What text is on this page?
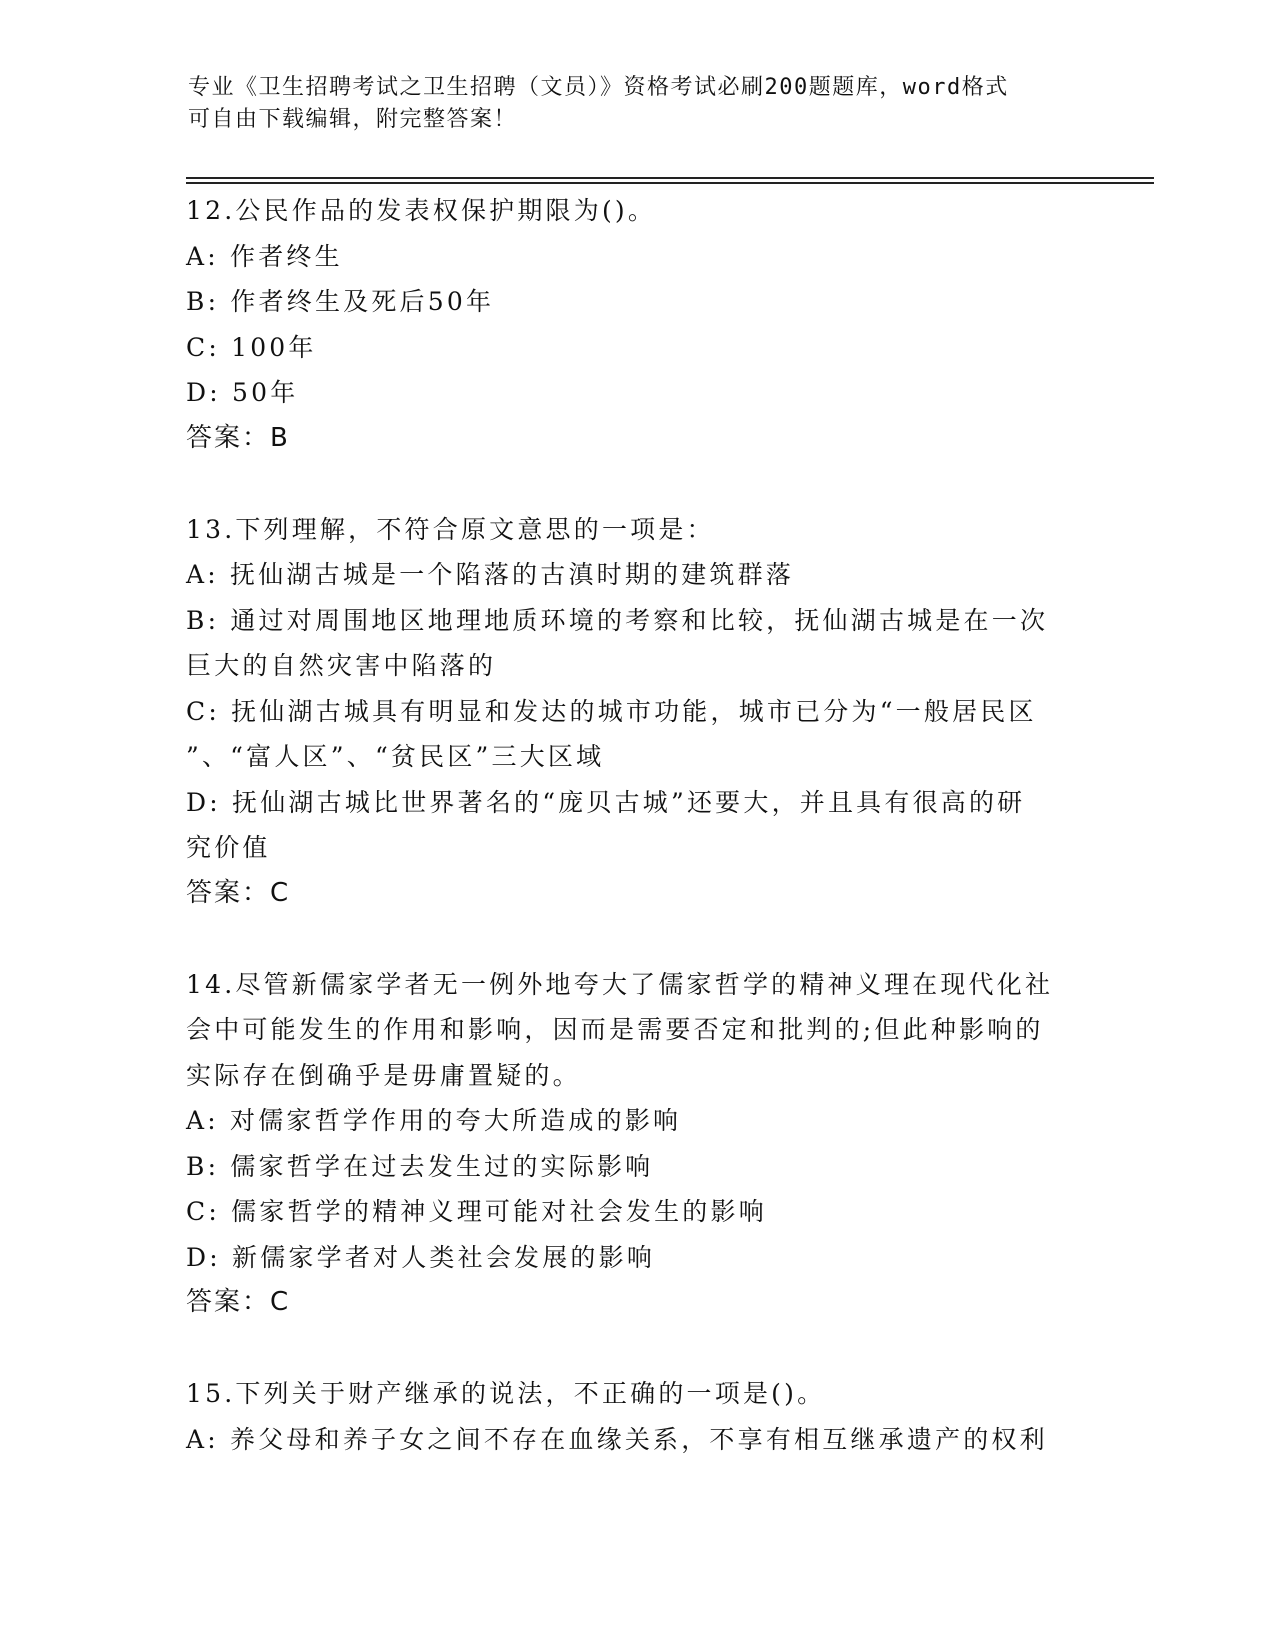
专业《卫生招聘考试之卫生招聘（文员）》资格考试必刷200题题库，word格式
可自由下载编辑，附完整答案！
12.公民作品的发表权保护期限为()。
A: 作者终生
B: 作者终生及死后50年
C: 100年
D: 50年
答案：B
13.下列理解，不符合原文意思的一项是：
A: 抚仙湖古城是一个陷落的古滇时期的建筑群落
B: 通过对周围地区地理地质环境的考察和比较，抚仙湖古城是在一次
巨大的自然灾害中陷落的
C: 抚仙湖古城具有明显和发达的城市功能，城市已分为“一般居民区
”、“富人区”、“贫民区”三大区域
D: 抚仙湖古城比世界著名的“庞贝古城”还要大，并且具有很高的研
究价值
答案：C
14.尽管新儒家学者无一例外地夸大了儒家哲学的精神义理在现代化社
会中可能发生的作用和影响，因而是需要否定和批判的;但此种影响的
实际存在倒确乎是毋庸置疑的。
A: 对儒家哲学作用的夸大所造成的影响
B: 儒家哲学在过去发生过的实际影响
C: 儒家哲学的精神义理可能对社会发生的影响
D: 新儒家学者对人类社会发展的影响
答案：C
15.下列关于财产继承的说法，不正确的一项是()。
A: 养父母和养子女之间不存在血缘关系，不享有相互继承遗产的权利
